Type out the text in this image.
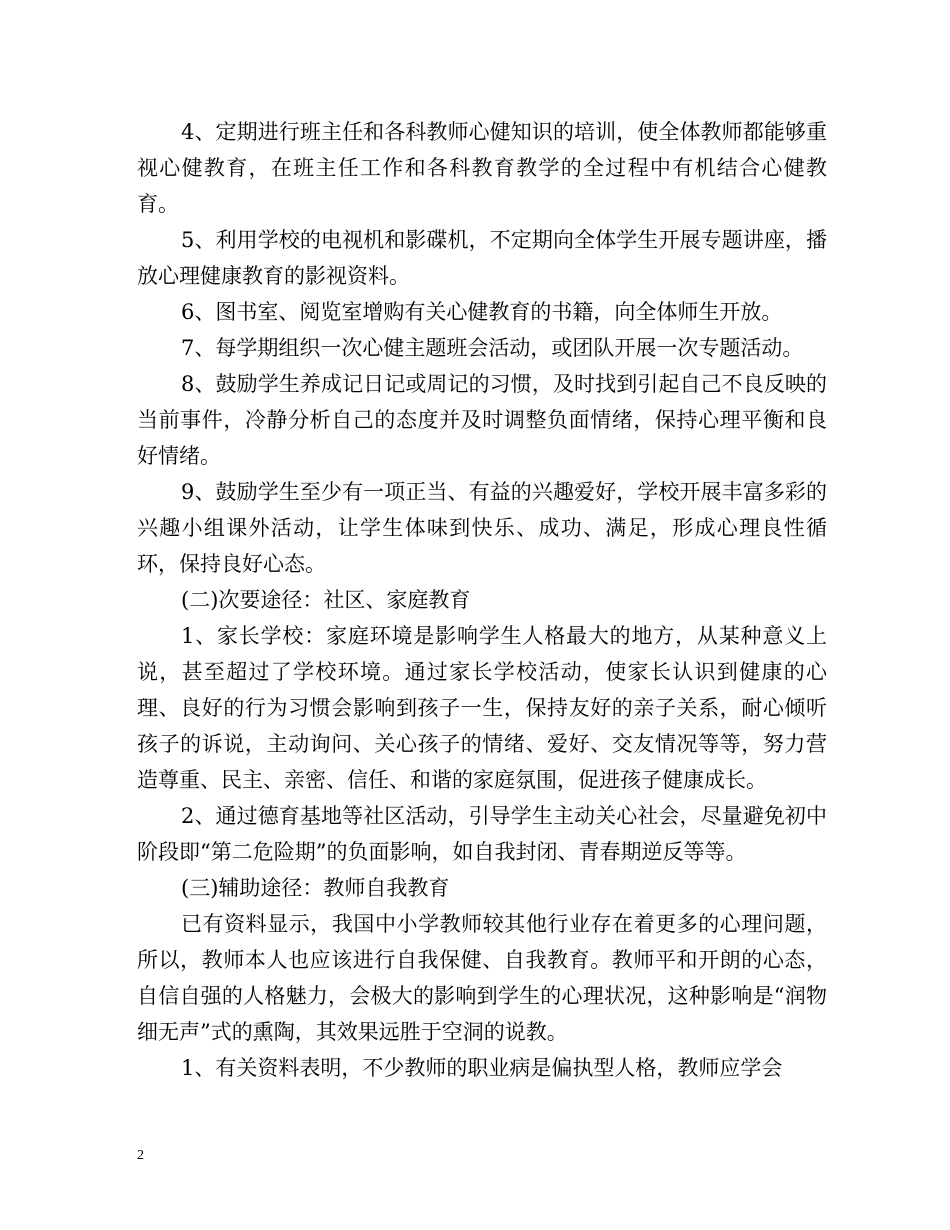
4、定期进行班主任和各科教师心健知识的培训，使全体教师都能够重视心健教育，在班主任工作和各科教育教学的全过程中有机结合心健教育。

5、利用学校的电视机和影碟机，不定期向全体学生开展专题讲座，播放心理健康教育的影视资料。

6、图书室、阅览室增购有关心健教育的书籍，向全体师生开放。

7、每学期组织一次心健主题班会活动，或团队开展一次专题活动。

8、鼓励学生养成记日记或周记的习惯，及时找到引起自己不良反映的当前事件，冷静分析自己的态度并及时调整负面情绪，保持心理平衡和良好情绪。

9、鼓励学生至少有一项正当、有益的兴趣爱好，学校开展丰富多彩的兴趣小组课外活动，让学生体味到快乐、成功、满足，形成心理良性循环，保持良好心态。

(二)次要途径：社区、家庭教育

1、家长学校：家庭环境是影响学生人格最大的地方，从某种意义上说，甚至超过了学校环境。通过家长学校活动，使家长认识到健康的心理、良好的行为习惯会影响到孩子一生，保持友好的亲子关系，耐心倾听孩子的诉说，主动询问、关心孩子的情绪、爱好、交友情况等等，努力营造尊重、民主、亲密、信任、和谐的家庭氛围，促进孩子健康成长。

2、通过德育基地等社区活动，引导学生主动关心社会，尽量避免初中阶段即“第二危险期”的负面影响，如自我封闭、青春期逆反等等。

(三)辅助途径：教师自我教育

已有资料显示，我国中小学教师较其他行业存在着更多的心理问题，所以，教师本人也应该进行自我保健、自我教育。教师平和开朗的心态，自信自强的人格魅力，会极大的影响到学生的心理状况，这种影响是“润物细无声”式的熏陶，其效果远胜于空洞的说教。

1、有关资料表明，不少教师的职业病是偏执型人格，教师应学会

2
